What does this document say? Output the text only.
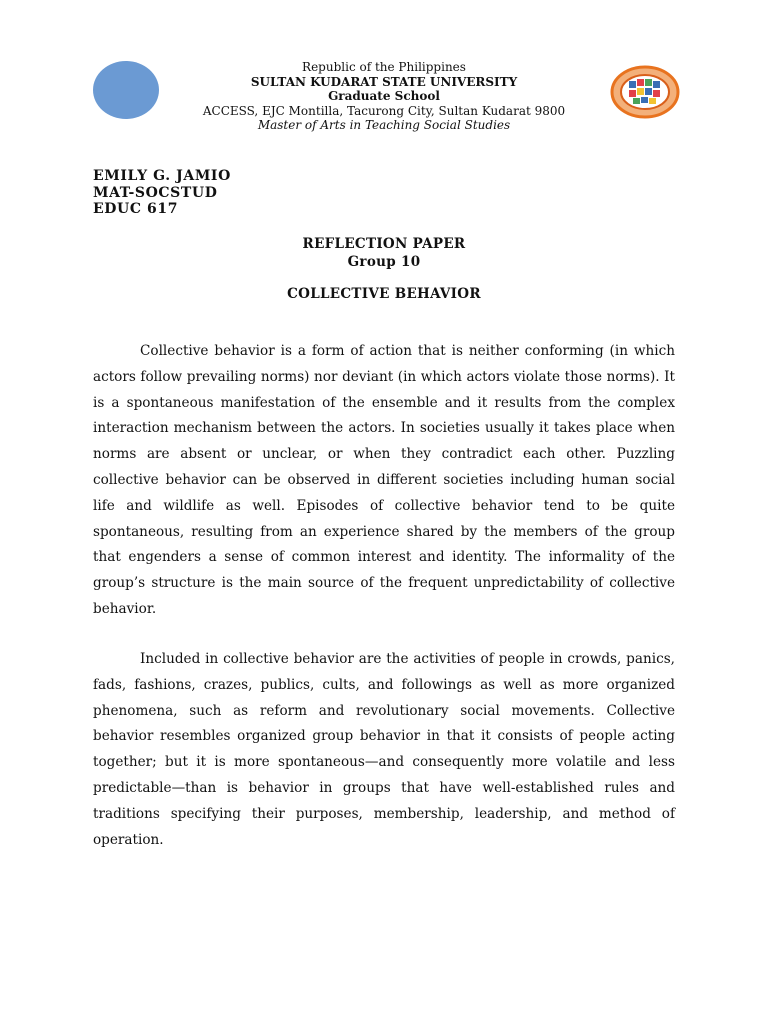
Republic of the Philippines
SULTAN KUDARAT STATE UNIVERSITY
Graduate School
ACCESS, EJC Montilla, Tacurong City, Sultan Kudarat 9800
Master of Arts in Teaching Social Studies
EMILY G. JAMIO
MAT-SOCSTUD
EDUC 617
REFLECTION PAPER
Group 10
COLLECTIVE BEHAVIOR

Collective behavior is a form of action that is neither conforming (in which actors follow prevailing norms) nor deviant (in which actors violate those norms). It is a spontaneous manifestation of the ensemble and it results from the complex interaction mechanism between the actors. In societies usually it takes place when norms are absent or unclear, or when they contradict each other. Puzzling collective behavior can be observed in different societies including human social life and wildlife as well. Episodes of collective behavior tend to be quite spontaneous, resulting from an experience shared by the members of the group that engenders a sense of common interest and identity. The informality of the group’s structure is the main source of the frequent unpredictability of collective behavior.

Included in collective behavior are the activities of people in crowds, panics, fads, fashions, crazes, publics, cults, and followings as well as more organized phenomena, such as reform and revolutionary social movements. Collective behavior resembles organized group behavior in that it consists of people acting together; but it is more spontaneous—and consequently more volatile and less predictable—than is behavior in groups that have well-established rules and traditions specifying their purposes, membership, leadership, and method of operation.
